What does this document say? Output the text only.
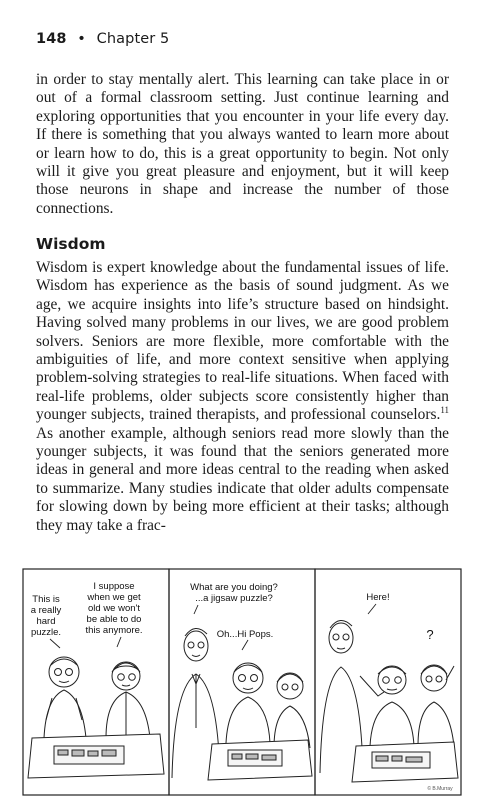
148 • Chapter 5
in order to stay mentally alert. This learning can take place in or out of a formal classroom setting. Just continue learning and exploring opportunities that you encounter in your life every day. If there is something that you always wanted to learn more about or learn how to do, this is a great opportunity to begin. Not only will it give you great pleasure and enjoyment, but it will keep those neurons in shape and increase the number of those connections.
Wisdom
Wisdom is expert knowledge about the fundamental issues of life. Wisdom has experience as the basis of sound judgment. As we age, we acquire insights into life’s structure based on hindsight. Having solved many problems in our lives, we are good problem solvers. Seniors are more flexible, more comfortable with the ambiguities of life, and more context sensitive when applying problem-solving strategies to real-life situations. When faced with real-life problems, older subjects score consistently higher than younger subjects, trained therapists, and professional counselors.$^{11}$ As another example, although seniors read more slowly than the younger subjects, it was found that the seniors generated more ideas in general and more ideas central to the reading when asked to summarize. Many studies indicate that older adults compensate for slowing down by being more efficient at their tasks; although they may take a frac-
This is
a really
hard
puzzle.
I suppose
when we get
old we won't
be able to do
this anymore.
What are you doing?
...a jigsaw puzzle?
Oh...Hi Pops.
Here!
?
© B.Murray
